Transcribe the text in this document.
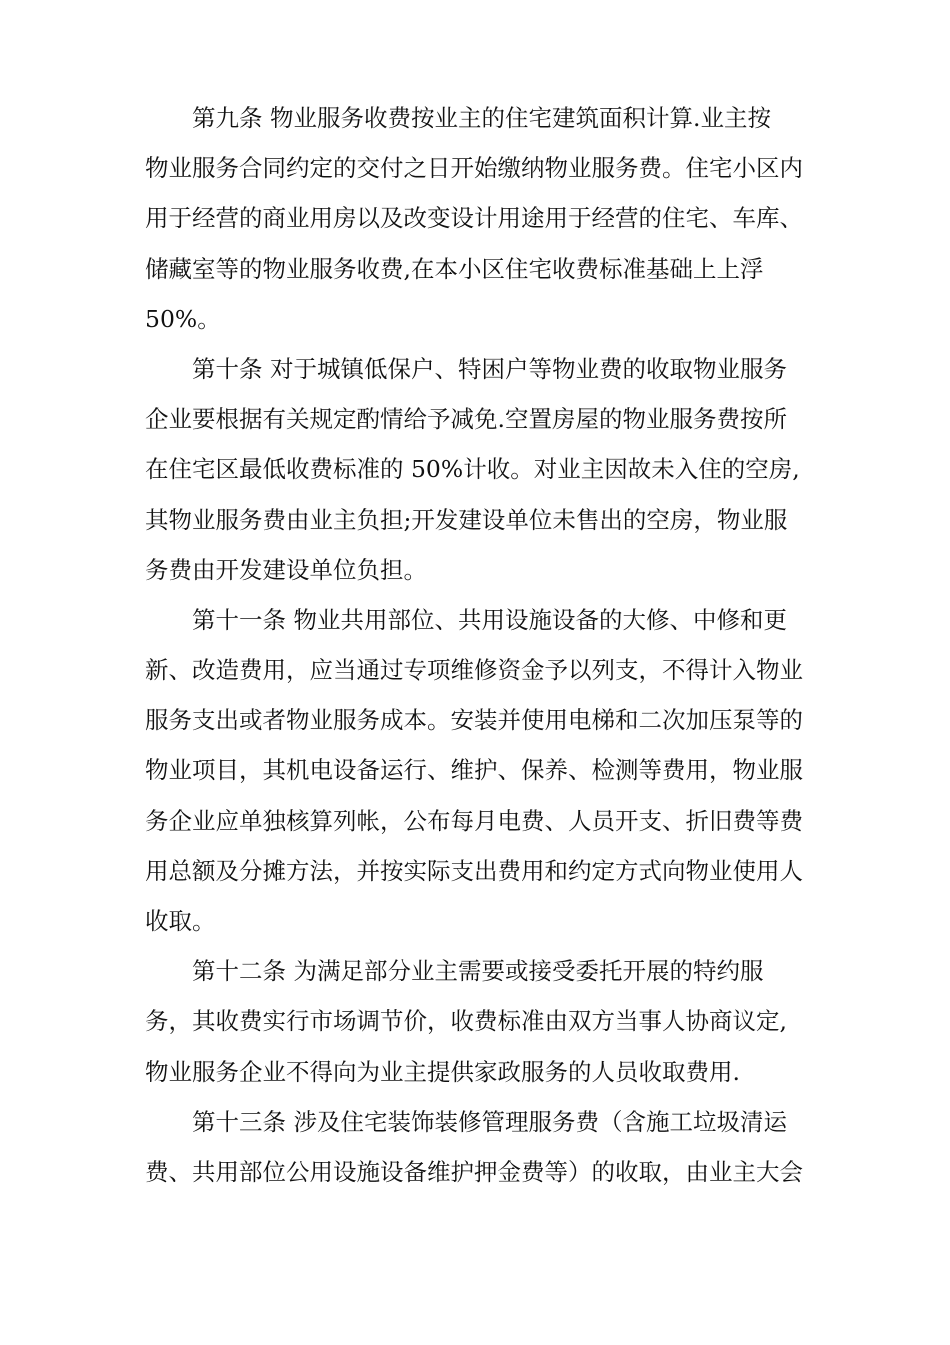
第九条 物业服务收费按业主的住宅建筑面积计算.业主按
物业服务合同约定的交付之日开始缴纳物业服务费。住宅小区内
用于经营的商业用房以及改变设计用途用于经营的住宅、车库、
储藏室等的物业服务收费,在本小区住宅收费标准基础上上浮
50%。
第十条 对于城镇低保户、特困户等物业费的收取物业服务
企业要根据有关规定酌情给予减免.空置房屋的物业服务费按所
在住宅区最低收费标准的 50%计收。对业主因故未入住的空房,
其物业服务费由业主负担;开发建设单位未售出的空房，物业服
务费由开发建设单位负担。
第十一条 物业共用部位、共用设施设备的大修、中修和更
新、改造费用，应当通过专项维修资金予以列支，不得计入物业
服务支出或者物业服务成本。安装并使用电梯和二次加压泵等的
物业项目，其机电设备运行、维护、保养、检测等费用，物业服
务企业应单独核算列帐，公布每月电费、人员开支、折旧费等费
用总额及分摊方法，并按实际支出费用和约定方式向物业使用人
收取。
第十二条 为满足部分业主需要或接受委托开展的特约服
务，其收费实行市场调节价，收费标准由双方当事人协商议定,
物业服务企业不得向为业主提供家政服务的人员收取费用.
第十三条 涉及住宅装饰装修管理服务费（含施工垃圾清运
费、共用部位公用设施设备维护押金费等）的收取，由业主大会
